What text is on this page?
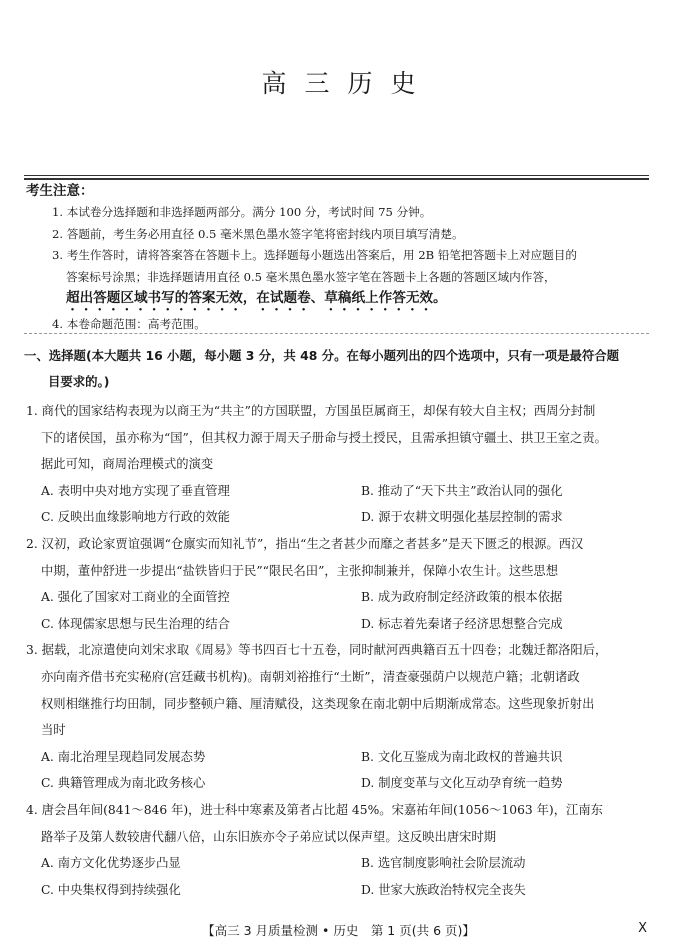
高三历史
考生注意：
1. 本试卷分选择题和非选择题两部分。满分 100 分，考试时间 75 分钟。
2. 答题前，考生务必用直径 0.5 毫米黑色墨水签字笔将密封线内项目填写清楚。
3. 考生作答时，请将答案答在答题卡上。选择题每小题选出答案后，用 2B 铅笔把答题卡上对应题目的
答案标号涂黑；非选择题请用直径 0.5 毫米黑色墨水签字笔在答题卡上各题的答题区域内作答，
超出答题区域书写的答案无效，在试题卷、草稿纸上作答无效。
4. 本卷命题范围：高考范围。
一、选择题(本大题共 16 小题，每小题 3 分，共 48 分。在每小题列出的四个选项中，只有一项是最符合题
目要求的。)
1. 商代的国家结构表现为以商王为“共主”的方国联盟，方国虽臣属商王，却保有较大自主权；西周分封制
下的诸侯国，虽亦称为“国”，但其权力源于周天子册命与授土授民，且需承担镇守疆土、拱卫王室之责。
据此可知，商周治理模式的演变
A. 表明中央对地方实现了垂直管理	B. 推动了“天下共主”政治认同的强化
C. 反映出血缘影响地方行政的效能	D. 源于农耕文明强化基层控制的需求
2. 汉初，政论家贾谊强调“仓廪实而知礼节”，指出“生之者甚少而靡之者甚多”是天下匮乏的根源。西汉
中期，董仲舒进一步提出“盐铁皆归于民”“限民名田”，主张抑制兼并，保障小农生计。这些思想
A. 强化了国家对工商业的全面管控	B. 成为政府制定经济政策的根本依据
C. 体现儒家思想与民生治理的结合	D. 标志着先秦诸子经济思想整合完成
3. 据载，北凉遣使向刘宋求取《周易》等书四百七十五卷，同时献河西典籍百五十四卷；北魏迁都洛阳后，
亦向南齐借书充实秘府(宫廷藏书机构)。南朝刘裕推行“土断”，清查豪强荫户以规范户籍；北朝诸政
权则相继推行均田制，同步整顿户籍、厘清赋役，这类现象在南北朝中后期渐成常态。这些现象折射出
当时
A. 南北治理呈现趋同发展态势	B. 文化互鉴成为南北政权的普遍共识
C. 典籍管理成为南北政务核心	D. 制度变革与文化互动孕育统一趋势
4. 唐会昌年间(841～846 年)，进士科中寒素及第者占比超 45%。宋嘉祐年间(1056～1063 年)，江南东
路举子及第人数较唐代翻八倍，山东旧族亦令子弟应试以保声望。这反映出唐宋时期
A. 南方文化优势逐步凸显	B. 选官制度影响社会阶层流动
C. 中央集权得到持续强化	D. 世家大族政治特权完全丧失
【高三 3 月质量检测 • 历史　第 1 页(共 6 页)】	X
